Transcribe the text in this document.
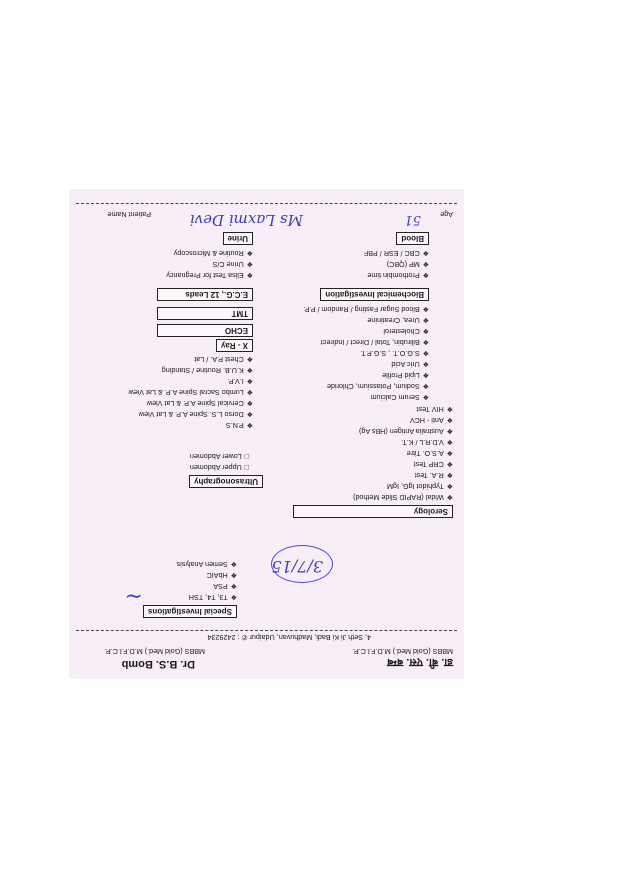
डा. बी. एस. बम्ब
MBBS (Gold Med.) M.D.F.I.C.P.
Dr. B.S. Bomb
MBBS (Gold Med.) M.D.F.I.C.P.
4, Seth Ji Ki Badi, Madhuvan, Udaipur ✆ : 2429234
Age
51
Patient Name	Ms Laxmi Devi
Special Investigations
❖T3, T4, TSH
❖PSA
❖HbAIC
❖Semen Analysis
Serology
❖Widal (RAPID Slide Method)
❖Typhidot IgG, IgM
❖R.A. Test
❖CRP Test
❖A.S.O. Titre
❖V.D.R.L / K.T.
❖Australia Antigen (HBs Ag)
❖Anti - HCV
❖HIV Test
Ultrasonography
□Upper Abdomen
□Lower Abdomen
❖P.N.S
❖Dorso L.S. Spine A.P. & Lat View
❖Cervical Spine A.P. & Lat View
❖Lumbo Sacral Spine A.P. & Lat View
❖I.V.P.
❖K.U.B. Routine / Standing
❖Chest P.A. / Lat
X - Ray
❖Serum Calcium
❖Sodium, Potassium, Chloride
❖Lipid Profile
❖Uric Acid
❖S.G.O.T. , S.G.P.T.
❖Bilirubin, Total / Direct / Indirect
❖Cholesterol
❖Urea, Creatinine
❖Blood Sugar Fasting / Random / P.P.
Biochemical Investigation
ECHO
TMT
E.C.G., 12 Leads
❖Elisa Test for Pregnancy
❖Urine C/S
❖Routine & Microscopy
Urine
❖Prothombin time
❖MP (QBC)
❖CBC / ESR / PBF
Blood
3/7/15
~
